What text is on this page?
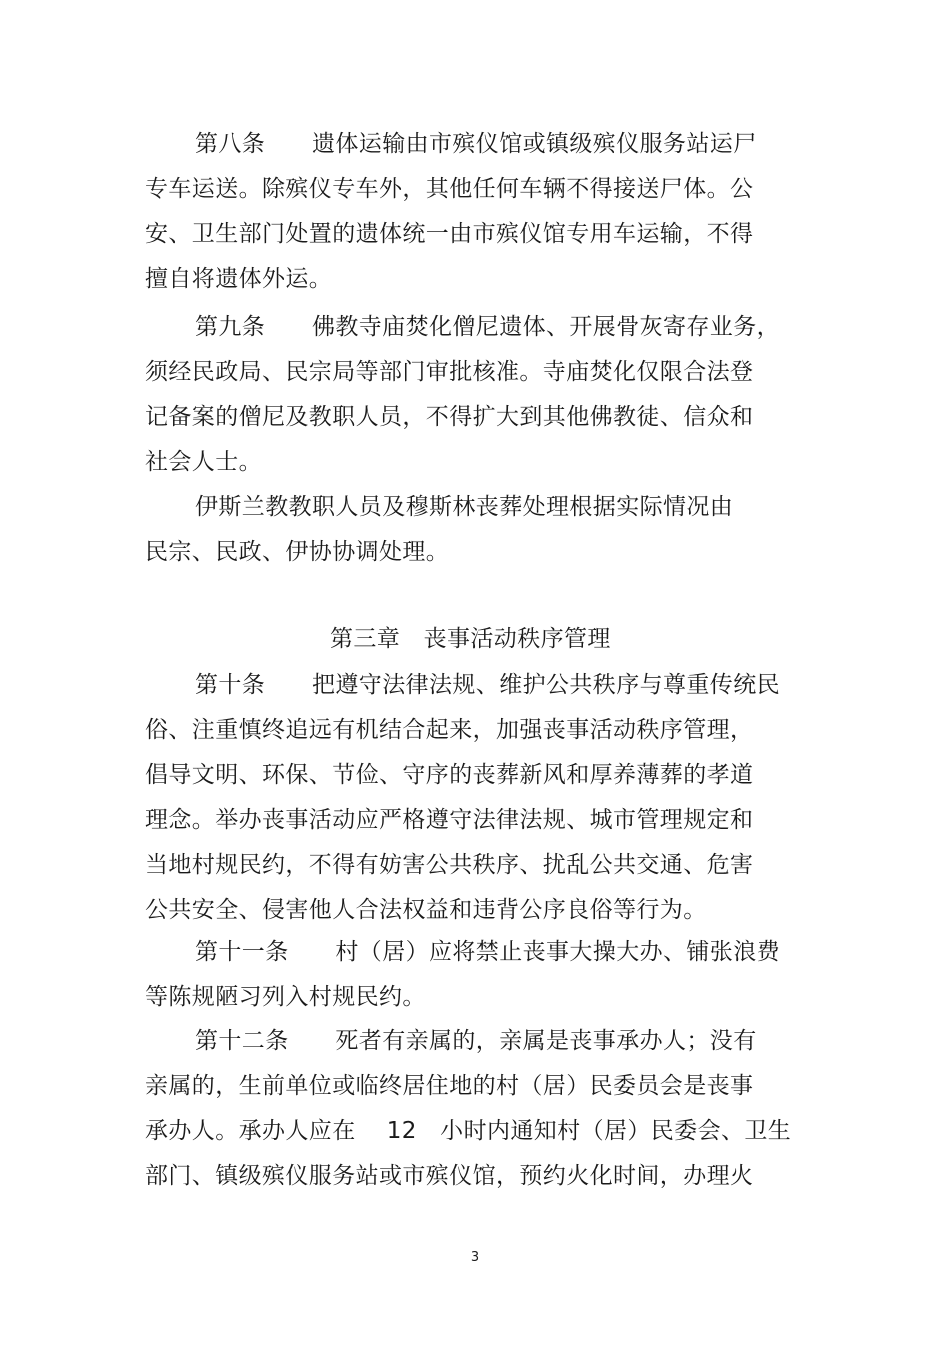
第八条　　遗体运输由市殡仪馆或镇级殡仪服务站运尸
专车运送。除殡仪专车外，其他任何车辆不得接送尸体。公
安、卫生部门处置的遗体统一由市殡仪馆专用车运输，不得
擅自将遗体外运。
第九条　　佛教寺庙焚化僧尼遗体、开展骨灰寄存业务，
须经民政局、民宗局等部门审批核准。寺庙焚化仅限合法登
记备案的僧尼及教职人员，不得扩大到其他佛教徒、信众和
社会人士。
伊斯兰教教职人员及穆斯林丧葬处理根据实际情况由
民宗、民政、伊协协调处理。
第三章　丧事活动秩序管理
第十条　　把遵守法律法规、维护公共秩序与尊重传统民
俗、注重慎终追远有机结合起来，加强丧事活动秩序管理，
倡导文明、环保、节俭、守序的丧葬新风和厚养薄葬的孝道
理念。举办丧事活动应严格遵守法律法规、城市管理规定和
当地村规民约，不得有妨害公共秩序、扰乱公共交通、危害
公共安全、侵害他人合法权益和违背公序良俗等行为。
第十一条　　村（居）应将禁止丧事大操大办、铺张浪费
等陈规陋习列入村规民约。
第十二条　　死者有亲属的，亲属是丧事承办人；没有
亲属的，生前单位或临终居住地的村（居）民委员会是丧事
承办人。承办人应在　 12　小时内通知村（居）民委会、卫生
部门、镇级殡仪服务站或市殡仪馆，预约火化时间，办理火
3
